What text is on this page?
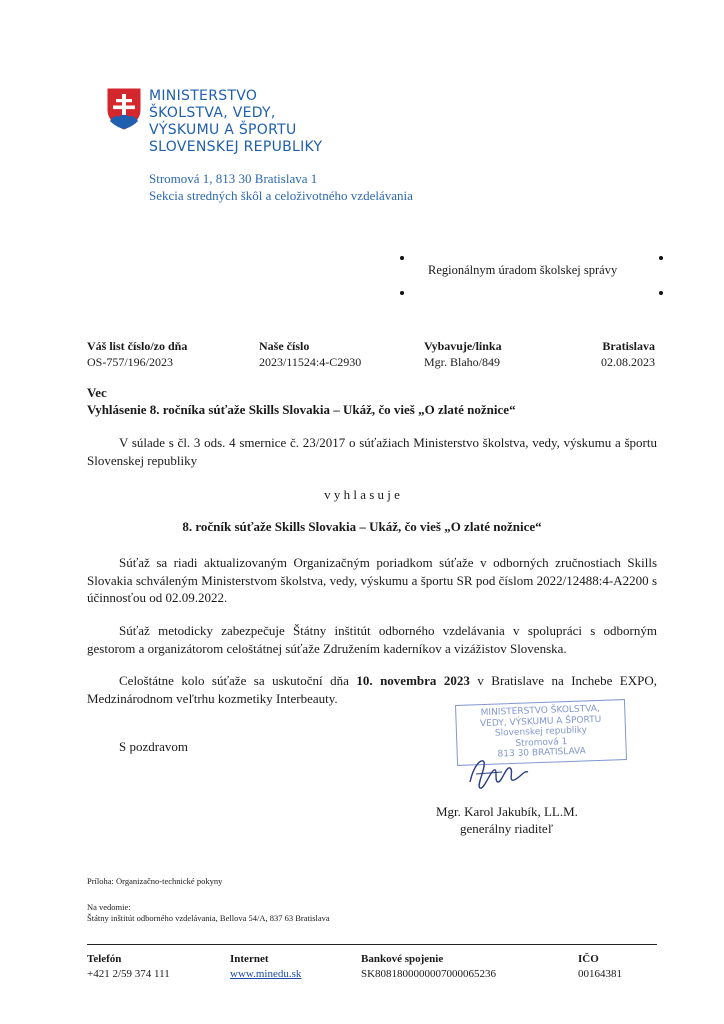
MINISTERSTVO
ŠKOLSTVA, VEDY,
VÝSKUMU A ŠPORTU
SLOVENSKEJ REPUBLIKY
Stromová 1, 813 30 Bratislava 1
Sekcia stredných škôl a celoživotného vzdelávania
Regionálnym úradom školskej správy
Váš list číslo/zo dňa
OS-757/196/2023
Naše číslo
2023/11524:4-C2930
Vybavuje/linka
Mgr. Blaho/849
Bratislava
02.08.2023
Vec
Vyhlásenie 8. ročníka súťaže Skills Slovakia – Ukáž, čo vieš „O zlaté nožnice“
V súlade s čl. 3 ods. 4 smernice č. 23/2017 o súťažiach Ministerstvo školstva, vedy, výskumu a športu Slovenskej republiky
v y h l a s u j e
8. ročník súťaže Skills Slovakia – Ukáž, čo vieš „O zlaté nožnice“
Súťaž sa riadi aktualizovaným Organizačným poriadkom súťaže v odborných zručnostiach Skills Slovakia schváleným Ministerstvom školstva, vedy, výskumu a športu SR pod číslom 2022/12488:4-A2200 s účinnosťou od 02.09.2022.
Súťaž metodicky zabezpečuje Štátny inštitút odborného vzdelávania v spolupráci s odborným gestorom a organizátorom celoštátnej súťaže Združením kaderníkov a vizážistov Slovenska.
Celoštátne kolo súťaže sa uskutoční dňa 10. novembra 2023 v Bratislave na Inchebe EXPO, Medzinárodnom veľtrhu kozmetiky Interbeauty.
S pozdravom
MINISTERSTVO ŠKOLSTVA,
VEDY, VÝSKUMU A ŠPORTU
Slovenskej republiky
Stromová 1
813 30 BRATISLAVA
Mgr. Karol Jakubík, LL.M.
generálny riaditeľ
Príloha: Organizačno-technické pokyny
Na vedomie:
Štátny inštitút odborného vzdelávania, Bellova 54/A, 837 63 Bratislava
Telefón
+421 2/59 374 111
Internet
www.minedu.sk
Bankové spojenie
SK8081800000007000065236
IČO
00164381
